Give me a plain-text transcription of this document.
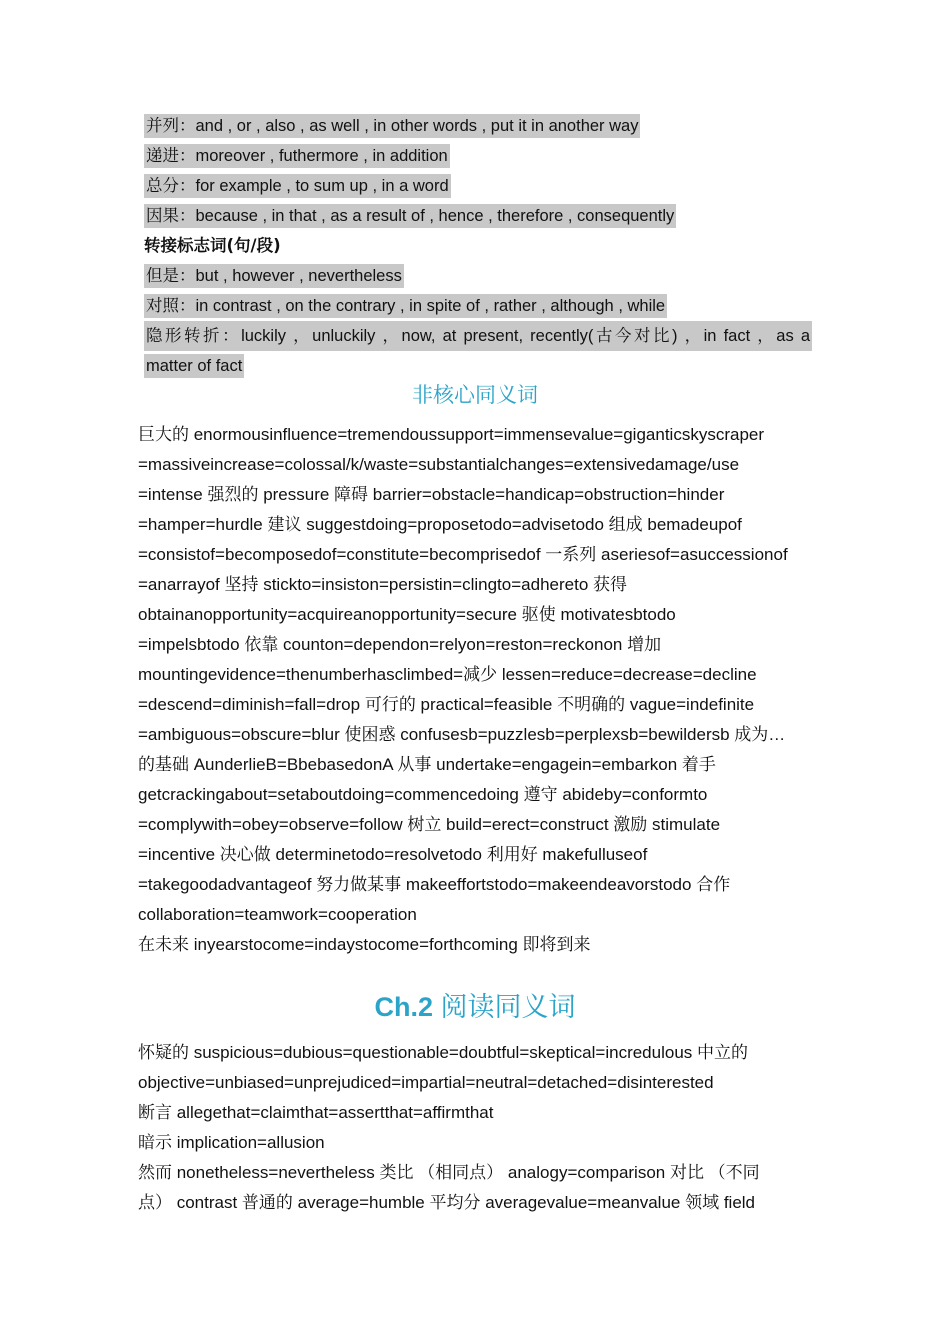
并列：and , or , also , as well , in other words , put it in another way
递进：moreover , futhermore , in addition
总分：for example , to sum up , in a word
因果：because , in that , as a result of , hence , therefore , consequently
转接标志词(句/段)
但是：but , however , nevertheless
对照：in contrast , on the contrary , in spite of , rather , although , while
隐形转折：luckily ，unluckily ，now, at present, recently(古今对比) ，in fact ，as a
matter of fact
非核心同义词
巨大的 enormousinfluence=tremendoussupport=immensevalue=giganticskyscraper
=massiveincrease=colossal/k/waste=substantialchanges=extensivedamage/use
=intense 强烈的 pressure 障碍 barrier=obstacle=handicap=obstruction=hinder
=hamper=hurdle 建议 suggestdoing=proposetodo=advisetodo 组成 bemadeupof
=consistof=becomposedof=constitute=becomprisedof 一系列 aseriesof=asuccessionof
=anarrayof 坚持 stickto=insiston=persistin=clingto=adhereto 获得
obtainanopportunity=acquireanopportunity=secure 驱使 motivatesbtodo
=impelsbtodo 依靠 counton=dependon=relyon=reston=reckonon 增加
mountingevidence=thenumberhasclimbed=减少 lessen=reduce=decrease=decline
=descend=diminish=fall=drop 可行的 practical=feasible 不明确的 vague=indefinite
=ambiguous=obscure=blur 使困惑 confusesb=puzzlesb=perplexsb=bewildersb 成为…
的基础 AunderlieB=BbebasedonA 从事 undertake=engagein=embarkon 着手
getcrackingabout=setaboutdoing=commencedoing 遵守 abideby=conformto
=complywith=obey=observe=follow 树立 build=erect=construct 激励 stimulate
=incentive 决心做 determinetodo=resolvetodo 利用好 makefulluseof
=takegoodadvantageof 努力做某事 makeeffortstodo=makeendeavorstodo 合作
collaboration=teamwork=cooperation
在未来 inyearstocome=indaystocome=forthcoming 即将到来
Ch.2 阅读同义词
怀疑的 suspicious=dubious=questionable=doubtful=skeptical=incredulous 中立的
objective=unbiased=unprejudiced=impartial=neutral=detached=disinterested
断言 allegethat=claimthat=assertthat=affirmthat
暗示 implication=allusion
然而 nonetheless=nevertheless 类比 （相同点） analogy=comparison 对比 （不同
点） contrast 普通的 average=humble 平均分 averagevalue=meanvalue 领域 field
